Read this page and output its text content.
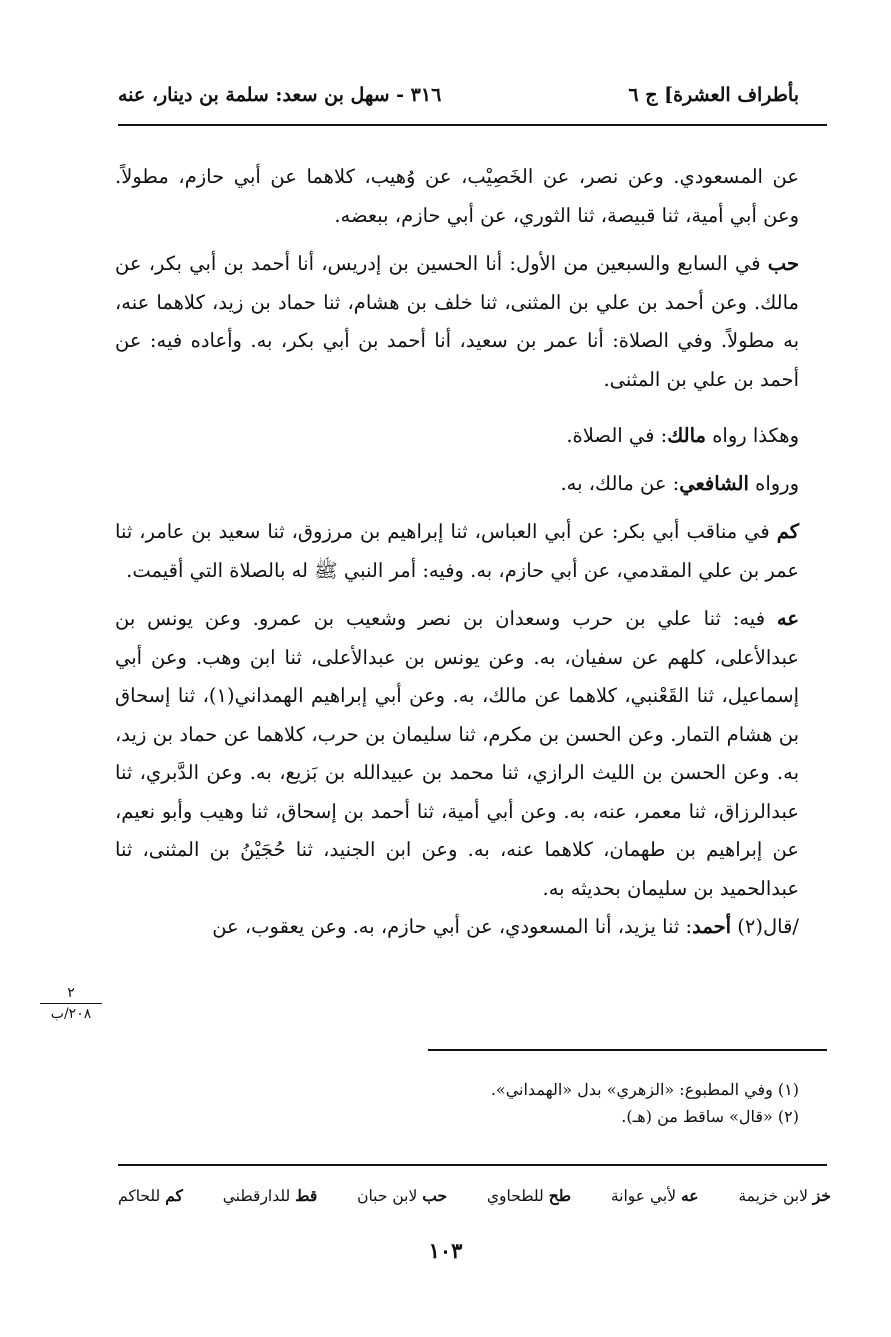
بأطراف العشرة] ج ٦
٣١٦ - سهل بن سعد: سلمة بن دينار، عنه

عن المسعودي. وعن نصر، عن الخَصِيْب، عن وُهيب، كلاهما عن أبي حازم، مطولاً. وعن أبي أمية، ثنا قبيصة، ثنا الثوري، عن أبي حازم، ببعضه.

حب في السابع والسبعين من الأول: أنا الحسين بن إدريس، أنا أحمد بن أبي بكر، عن مالك. وعن أحمد بن علي بن المثنى، ثنا خلف بن هشام، ثنا حماد بن زيد، كلاهما عنه، به مطولاً. وفي الصلاة: أنا عمر بن سعيد، أنا أحمد بن أبي بكر، به. وأعاده فيه: عن أحمد بن علي بن المثنى.

وهكذا رواه مالك: في الصلاة.

ورواه الشافعي: عن مالك، به.

كم في مناقب أبي بكر: عن أبي العباس، ثنا إبراهيم بن مرزوق، ثنا سعيد بن عامر، ثنا عمر بن علي المقدمي، عن أبي حازم، به. وفيه: أمر النبي ﷺ له بالصلاة التي أقيمت.

عه فيه: ثنا علي بن حرب وسعدان بن نصر وشعيب بن عمرو. وعن يونس بن عبدالأعلى، كلهم عن سفيان، به. وعن يونس بن عبدالأعلى، ثنا ابن وهب. وعن أبي إسماعيل، ثنا القَعْنبي، كلاهما عن مالك، به. وعن أبي إبراهيم الهمداني(١)، ثنا إسحاق بن هشام التمار. وعن الحسن بن مكرم، ثنا سليمان بن حرب، كلاهما عن حماد بن زيد، به. وعن الحسن بن الليث الرازي، ثنا محمد بن عبيدالله بن بَزيع، به. وعن الدَّبري، ثنا عبدالرزاق، ثنا معمر، عنه، به. وعن أبي أمية، ثنا أحمد بن إسحاق، ثنا وهيب وأبو نعيم، عن إبراهيم بن طهمان، كلاهما عنه، به. وعن ابن الجنيد، ثنا حُجَيْنُ بن المثنى، ثنا عبدالحميد بن سليمان بحديثه به.

/قال(٢) أحمد: ثنا يزيد، أنا المسعودي، عن أبي حازم، به. وعن يعقوب، عن

٢
٢٠٨/ب
(١) وفي المطبوع: «الزهري» بدل «الهمداني».
(٢) «قال» ساقط من (هـ).
خز لابن خزيمة
عه لأبي عوانة
طح للطحاوي
حب لابن حبان
قط للدارقطني
كم للحاكم
١٠٣
